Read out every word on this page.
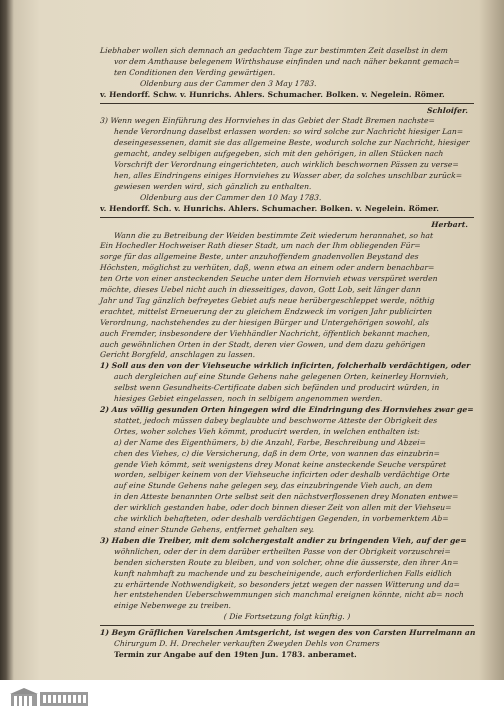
Liebhaber wollen sich demnach an gedachtem Tage zur bestimmten Zeit daselbst in dem
vor dem Amthause belegenem Wirthshause einfinden und nach näher bekannt gemach=
ten Conditionen den Verding gewärtigen.
Oldenburg aus der Cammer den 3 May 1783.
v. Hendorff. Schw. v. Hunrichs. Ahlers. Schumacher. Bolken. v. Negelein. Römer.
Schloifer.
3) Wenn wegen Einführung des Hornviehes in das Gebiet der Stadt Bremen nachste=
hende Verordnung daselbst erlassen worden: so wird solche zur Nachricht hiesiger Lan=
deseingesessenen, damit sie das allgemeine Beste, wodurch solche zur Nachricht, hiesiger
gemacht, andey selbigen aufgegeben, sich mit den gehörigen, in allen Stücken nach
Vorschrift der Verordnung eingerichteten, auch wirklich beschwornen Pässen zu verse=
hen, alles Eindringens einiges Hornviehes zu Wasser aber, da solches unschlbar zurück=
gewiesen werden wird, sich gänzlich zu enthalten.
Oldenburg aus der Cammer den 10 May 1783.
v. Hendorff. Sch. v. Hunrichs. Ahlers. Schumacher. Bolken. v. Negelein. Römer.
Herbart.
Wann die zu Betreibung der Weiden bestimmte Zeit wiederum herannahet, so hat
Ein Hochedler Hochweiser Rath dieser Stadt, um nach der Ihm obliegenden Für=
sorge für das allgemeine Beste, unter anzuhoffendem gnadenvollen Beystand des
Höchsten, möglichst zu verhüten, daß, wenn etwa an einem oder andern benachbar=
ten Orte von einer ansteckenden Seuche unter dem Hornvieh etwas verspüret werden
möchte, dieses Uebel nicht auch in diesseitiges, davon, Gott Lob, seit länger dann
Jahr und Tag gänzlich befreyetes Gebiet aufs neue herübergeschleppet werde, nöthig
erachtet, mittelst Erneuerung der zu gleichem Endzweck im vorigen Jahr publicirten
Verordnung, nachstehendes zu der hiesigen Bürger und Untergehörigen sowohl, als
auch Fremder, insbesondere der Viehhändler Nachricht, öffentlich bekannt machen,
auch gewöhnlichen Orten in der Stadt, deren vier Gowen, und dem dazu gehörigen
Gericht Borgfeld, anschlagen zu lassen.
1) Soll aus den von der Viehseuche wirklich inficirten, folcherhalb verdächtigen, oder
auch dergleichen auf eine Stunde Gehens nahe gelegenen Orten, keinerley Hornvieh,
selbst wenn Gesundheits-Certificate daben sich befänden und producirt würden, in
hiesiges Gebiet eingelassen, noch in selbigem angenommen werden.
2) Aus völlig gesunden Orten hingegen wird die Eindringung des Hornviehes zwar ge=
stattet, jedoch müssen dabey beglaubte und beschworne Atteste der Obrigkeit des
Ortes, woher solches Vieh kömmt, producirt werden, in welchen enthalten ist:
a) der Name des Eigenthümers, b) die Anzahl, Farbe, Beschreibung und Abzei=
chen des Viehes, c) die Versicherung, daß in dem Orte, von wannen das einzubrin=
gende Vieh kömmt, seit wenigstens drey Monat keine ansteckende Seuche verspüret
worden, selbiger keinem von der Viehseuche inficirten oder deshalb verdächtige Orte
auf eine Stunde Gehens nahe gelegen sey, das einzubringende Vieh auch, an dem
in den Atteste benannten Orte selbst seit den nächstverflossenen drey Monaten entwe=
der wirklich gestanden habe, oder doch binnen dieser Zeit von allen mit der Viehseu=
che wirklich behafteten, oder deshalb verdächtigen Gegenden, in vorbemerktem Ab=
stand einer Stunde Gehens, entfernet gehalten sey.
3) Haben die Treiber, mit dem solchergestalt andier zu bringenden Vieh, auf der ge=
wöhnlichen, oder der in dem darüber ertheilten Passe von der Obrigkeit vorzuschrei=
benden sichersten Route zu bleiben, und von solcher, ohne die äusserste, den ihrer An=
kunft nahmhaft zu machende und zu bescheinigende, auch erforderlichen Falls eidlich
zu erhärtende Nothwendigkeit, so besonders jetzt wegen der nassen Witterung und da=
her entstehenden Ueberschwemmungen sich manchmal ereignen könnte, nicht ab= noch
einige Nebenwege zu treiben.
( Die Fortsetzung folgt künftig. )
1) Beym Gräflichen Varelschen Amtsgericht, ist wegen des von Carsten Hurrelmann an
Chirurgum D. H. Drecheler verkauften Zweyden Dehls von Cramers
Termin zur Angabe auf den 19ten Jun. 1783. anberamet.
